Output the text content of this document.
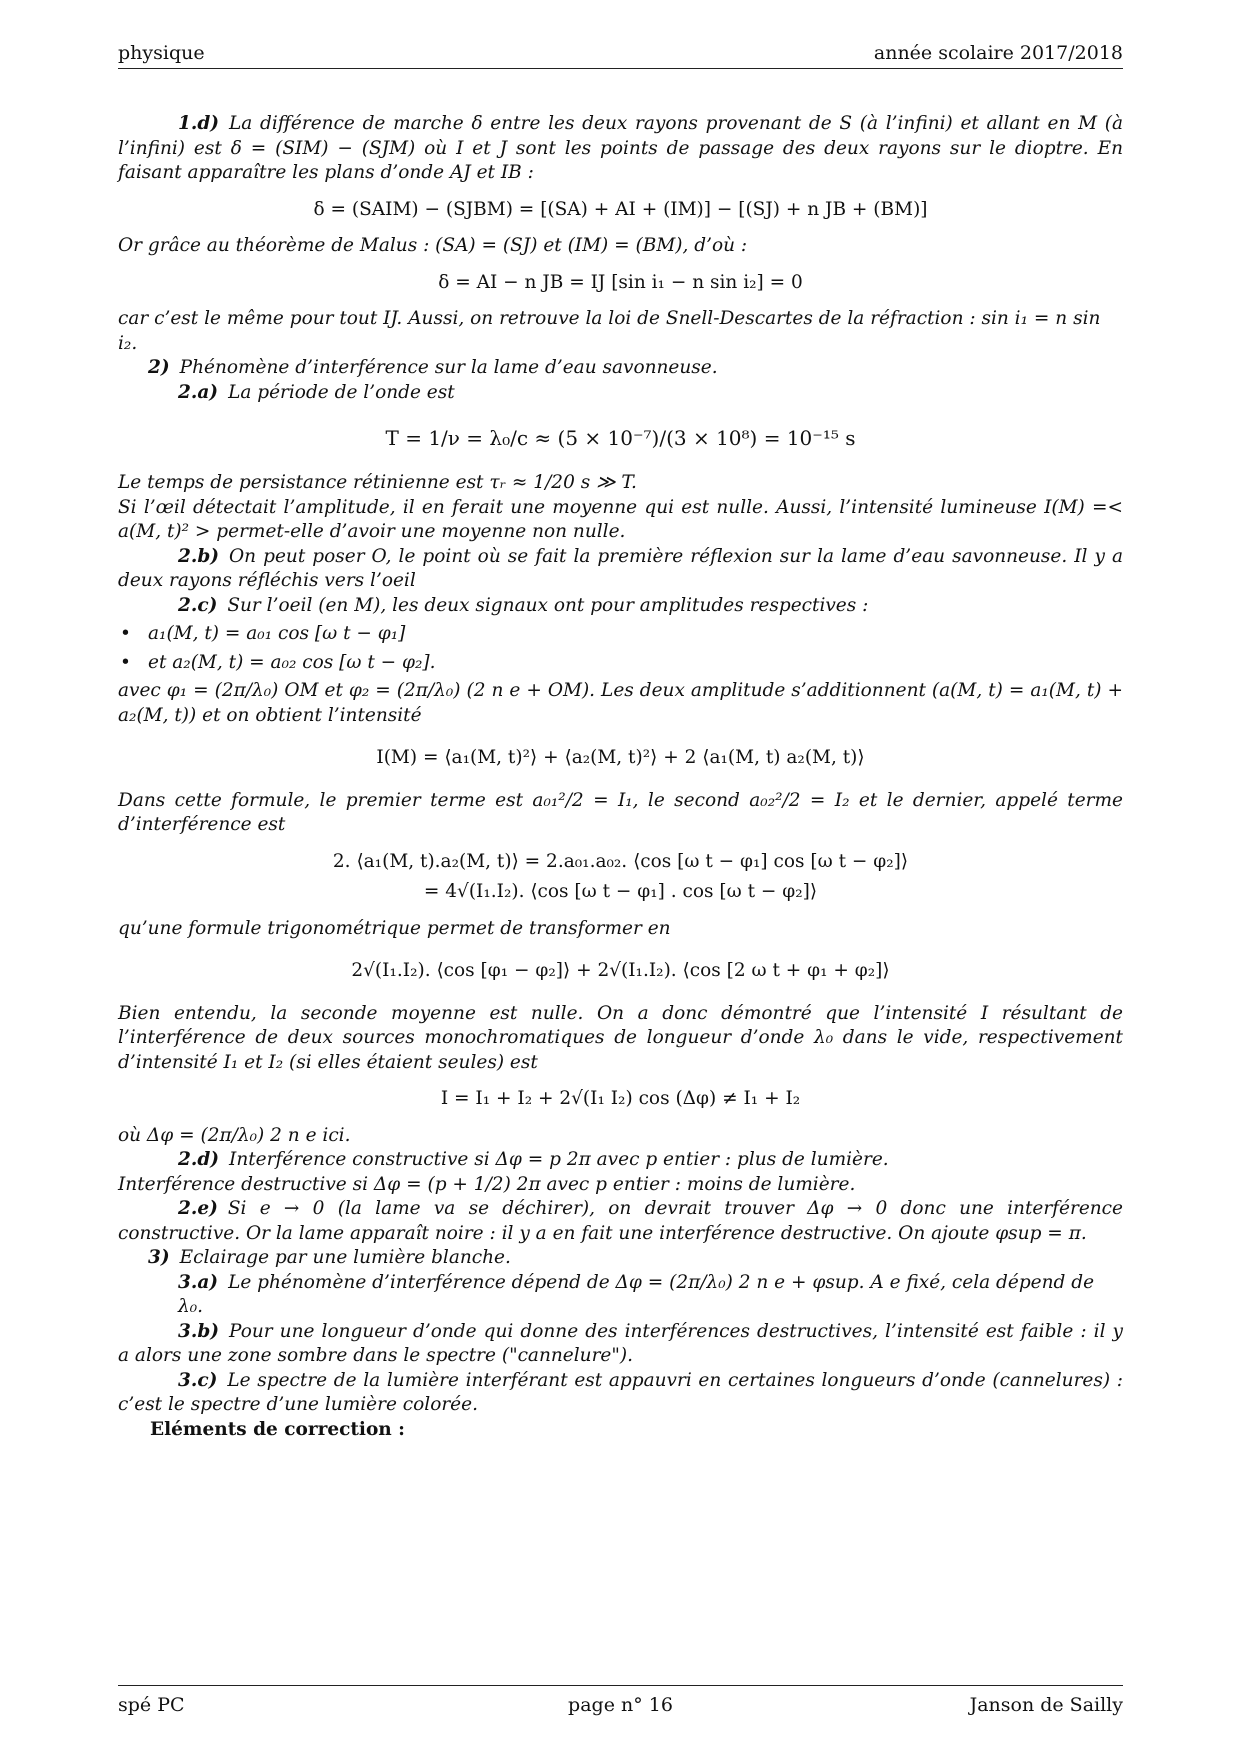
physique	année scolaire 2017/2018

1.d) La différence de marche δ entre les deux rayons provenant de S (à l’infini) et allant en M (à l’infini) est δ = (SIM) − (SJM) où I et J sont les points de passage des deux rayons sur le dioptre. En faisant apparaître les plans d’onde AJ et IB :

δ = (SAIM) − (SJBM) = [(SA) + AI + (IM)] − [(SJ) + n JB + (BM)]

Or grâce au théorème de Malus : (SA) = (SJ) et (IM) = (BM), d’où :

δ = AI − n JB = IJ [sin i₁ − n sin i₂] = 0

car c’est le même pour tout IJ. Aussi, on retrouve la loi de Snell-Descartes de la réfraction : sin i₁ = n sin i₂.

2) Phénomène d’interférence sur la lame d’eau savonneuse.

2.a) La période de l’onde est

T = 1/ν = λ₀/c ≈ (5 × 10⁻⁷)/(3 × 10⁸) = 10⁻¹⁵ s

Le temps de persistance rétinienne est τᵣ ≈ 1/20 s ≫ T.

Si l’œil détectait l’amplitude, il en ferait une moyenne qui est nulle. Aussi, l’intensité lumineuse I(M) =< a(M, t)² > permet-elle d’avoir une moyenne non nulle.

2.b) On peut poser O, le point où se fait la première réflexion sur la lame d’eau savonneuse. Il y a deux rayons réfléchis vers l’oeil

2.c) Sur l’oeil (en M), les deux signaux ont pour amplitudes respectives :

• a₁(M, t) = a₀₁ cos [ω t − φ₁]

• et a₂(M, t) = a₀₂ cos [ω t − φ₂].

avec φ₁ = (2π/λ₀) OM et φ₂ = (2π/λ₀) (2 n e + OM). Les deux amplitude s’additionnent (a(M, t) = a₁(M, t) + a₂(M, t)) et on obtient l’intensité

I(M) = ⟨a₁(M, t)²⟩ + ⟨a₂(M, t)²⟩ + 2 ⟨a₁(M, t) a₂(M, t)⟩

Dans cette formule, le premier terme est a₀₁²/2 = I₁, le second a₀₂²/2 = I₂ et le dernier, appelé terme d’interférence est

2. ⟨a₁(M, t).a₂(M, t)⟩ = 2.a₀₁.a₀₂. ⟨cos [ω t − φ₁] cos [ω t − φ₂]⟩

= 4√(I₁.I₂). ⟨cos [ω t − φ₁] . cos [ω t − φ₂]⟩

qu’une formule trigonométrique permet de transformer en

2√(I₁.I₂). ⟨cos [φ₁ − φ₂]⟩ + 2√(I₁.I₂). ⟨cos [2 ω t + φ₁ + φ₂]⟩

Bien entendu, la seconde moyenne est nulle. On a donc démontré que l’intensité I résultant de l’interférence de deux sources monochromatiques de longueur d’onde λ₀ dans le vide, respectivement d’intensité I₁ et I₂ (si elles étaient seules) est

I = I₁ + I₂ + 2√(I₁ I₂) cos (Δφ) ≠ I₁ + I₂

où Δφ = (2π/λ₀) 2 n e ici.

2.d) Interférence constructive si Δφ = p 2π avec p entier : plus de lumière.

Interférence destructive si Δφ = (p + 1/2) 2π avec p entier : moins de lumière.

2.e) Si e → 0 (la lame va se déchirer), on devrait trouver Δφ → 0 donc une interférence constructive. Or la lame apparaît noire : il y a en fait une interférence destructive. On ajoute φsup = π.

3) Eclairage par une lumière blanche.

3.a) Le phénomène d’interférence dépend de Δφ = (2π/λ₀) 2 n e + φsup. A e fixé, cela dépend de λ₀.

3.b) Pour une longueur d’onde qui donne des interférences destructives, l’intensité est faible : il y a alors une zone sombre dans le spectre ("cannelure").

3.c) Le spectre de la lumière interférant est appauvri en certaines longueurs d’onde (cannelures) : c’est le spectre d’une lumière colorée.

Eléments de correction :

spé PC	page n° 16	Janson de Sailly
